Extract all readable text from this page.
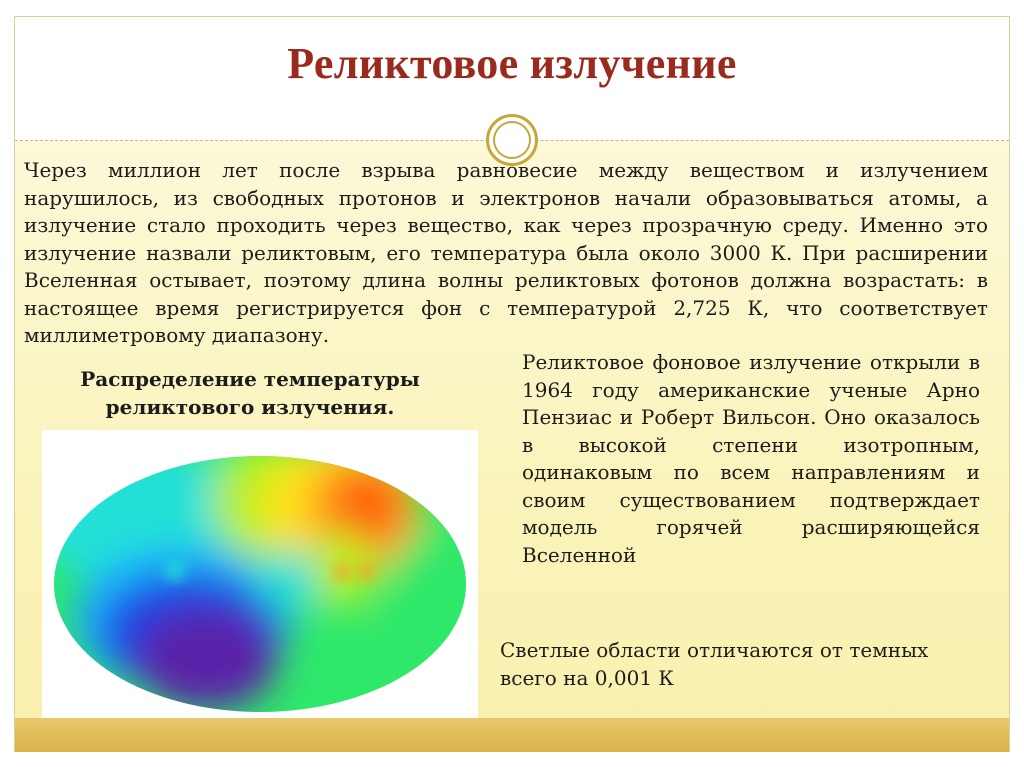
Реликтовое излучение

Через миллион лет после взрыва равновесие между веществом и излучением нарушилось, из свободных протонов и электронов начали образовываться атомы, а излучение стало проходить через вещество, как через прозрачную среду. Именно это излучение назвали реликтовым, его температура была около 3000 К. При расширении Вселенная остывает, поэтому длина волны реликтовых фотонов должна возрастать: в настоящее время регистрируется фон с температурой 2,725 К, что соответствует миллиметровому диапазону.

Распределение температуры реликтового излучения.

Реликтовое фоновое излучение открыли в 1964 году американские ученые Арно Пензиас и Роберт Вильсон. Оно оказалось в высокой степени изотропным, одинаковым по всем направлениям и своим существованием подтверждает модель горячей расширяющейся Вселенной

Светлые области отличаются от темных всего на 0,001 К
